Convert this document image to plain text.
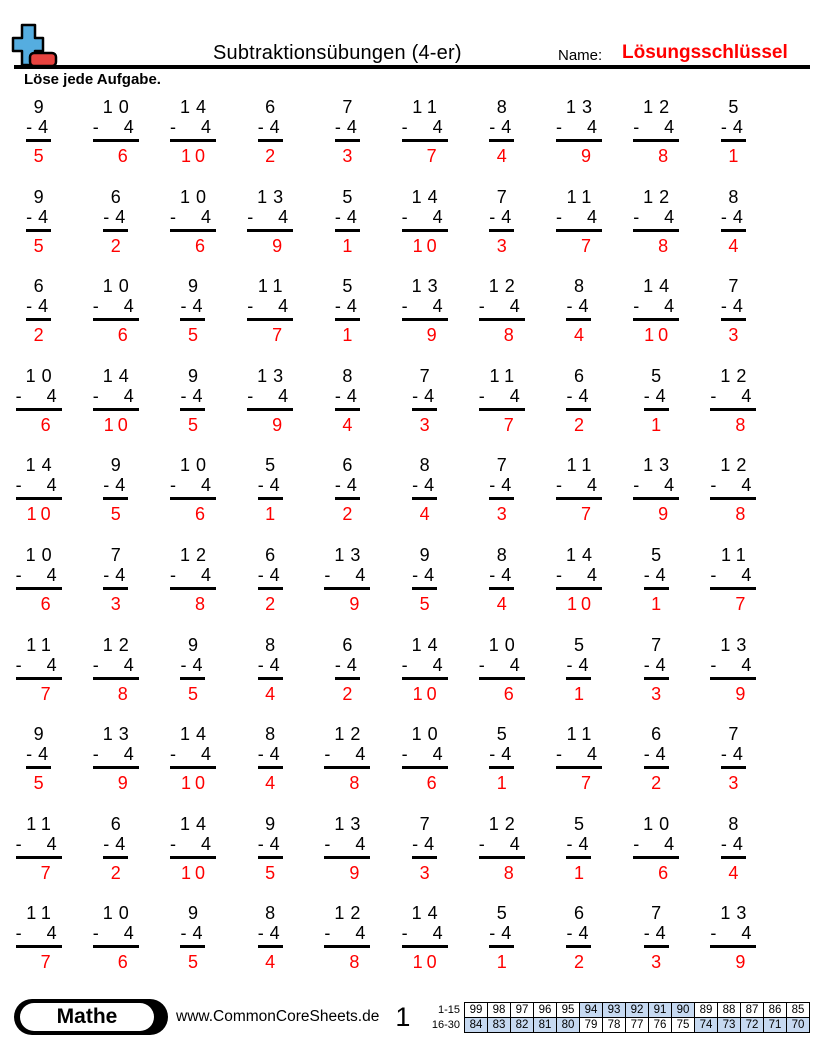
Subtraktionsübungen (4-er)	Name: Lösungsschlüssel
Löse jede Aufgabe.
9
- 4
5
10
- 4
6
14
- 4
10
6
- 4
2
7
- 4
3
11
- 4
7
8
- 4
4
13
- 4
9
12
- 4
8
5
- 4
1
9
- 4
5
6
- 4
2
10
- 4
6
13
- 4
9
5
- 4
1
14
- 4
10
7
- 4
3
11
- 4
7
12
- 4
8
8
- 4
4
6
- 4
2
10
- 4
6
9
- 4
5
11
- 4
7
5
- 4
1
13
- 4
9
12
- 4
8
8
- 4
4
14
- 4
10
7
- 4
3
10
- 4
6
14
- 4
10
9
- 4
5
13
- 4
9
8
- 4
4
7
- 4
3
11
- 4
7
6
- 4
2
5
- 4
1
12
- 4
8
14
- 4
10
9
- 4
5
10
- 4
6
5
- 4
1
6
- 4
2
8
- 4
4
7
- 4
3
11
- 4
7
13
- 4
9
12
- 4
8
10
- 4
6
7
- 4
3
12
- 4
8
6
- 4
2
13
- 4
9
9
- 4
5
8
- 4
4
14
- 4
10
5
- 4
1
11
- 4
7
11
- 4
7
12
- 4
8
9
- 4
5
8
- 4
4
6
- 4
2
14
- 4
10
10
- 4
6
5
- 4
1
7
- 4
3
13
- 4
9
9
- 4
5
13
- 4
9
14
- 4
10
8
- 4
4
12
- 4
8
10
- 4
6
5
- 4
1
11
- 4
7
6
- 4
2
7
- 4
3
11
- 4
7
6
- 4
2
14
- 4
10
9
- 4
5
13
- 4
9
7
- 4
3
12
- 4
8
5
- 4
1
10
- 4
6
8
- 4
4
11
- 4
7
10
- 4
6
9
- 4
5
8
- 4
4
12
- 4
8
14
- 4
10
5
- 4
1
6
- 4
2
7
- 4
3
13
- 4
9
Mathe	www.CommonCoreSheets.de 1	1-15 99 98 97 96 95 94 93 92 91 90 89 88 87 86 85
16-30 84 83 82 81 80 79 78 77 76 75 74 73 72 71 70
